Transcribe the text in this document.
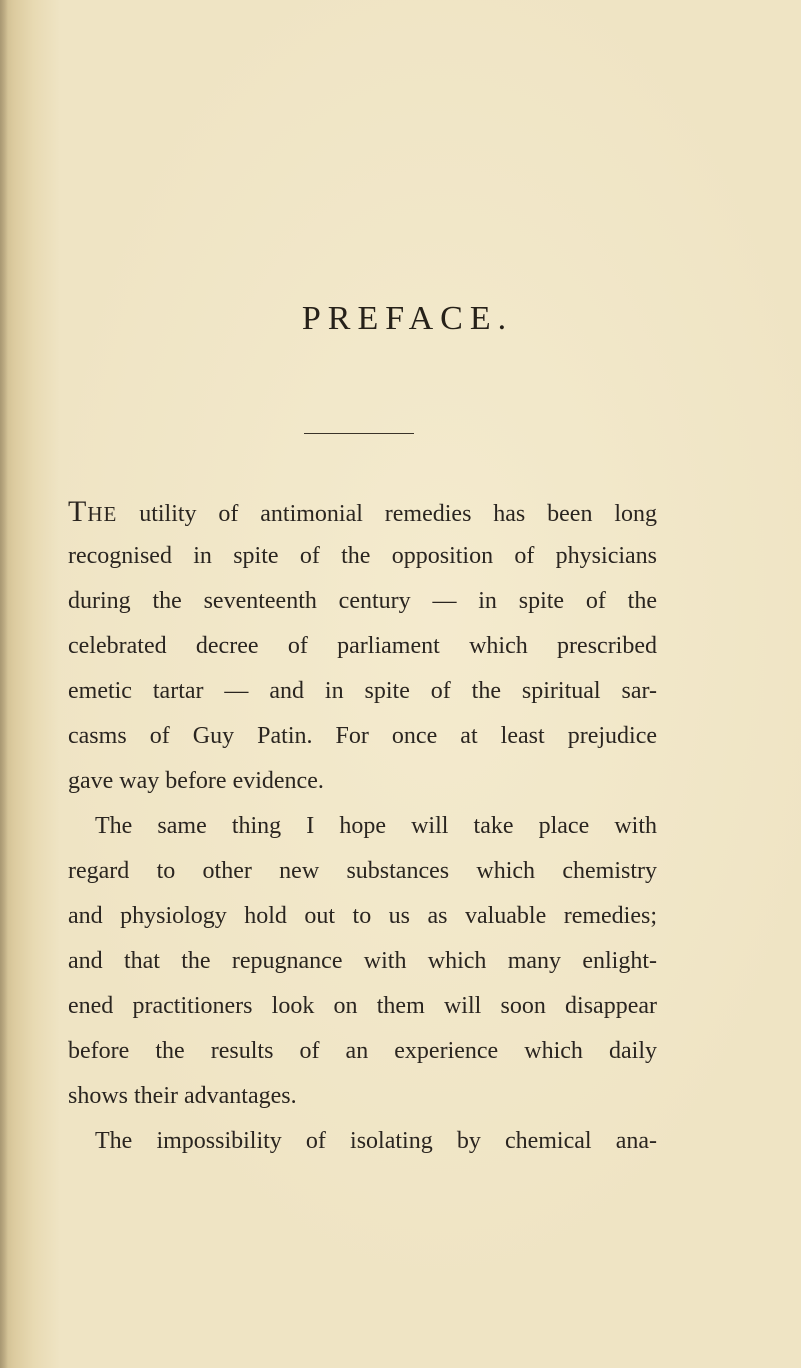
PREFACE.
The utility of antimonial remedies has been long
recognised in spite of the opposition of physicians
during the seventeenth century — in spite of the
celebrated decree of parliament which prescribed
emetic tartar — and in spite of the spiritual sar-
casms of Guy Patin. For once at least prejudice
gave way before evidence.
The same thing I hope will take place with
regard to other new substances which chemistry
and physiology hold out to us as valuable remedies;
and that the repugnance with which many enlight-
ened practitioners look on them will soon disappear
before the results of an experience which daily
shows their advantages.
The impossibility of isolating by chemical ana-
